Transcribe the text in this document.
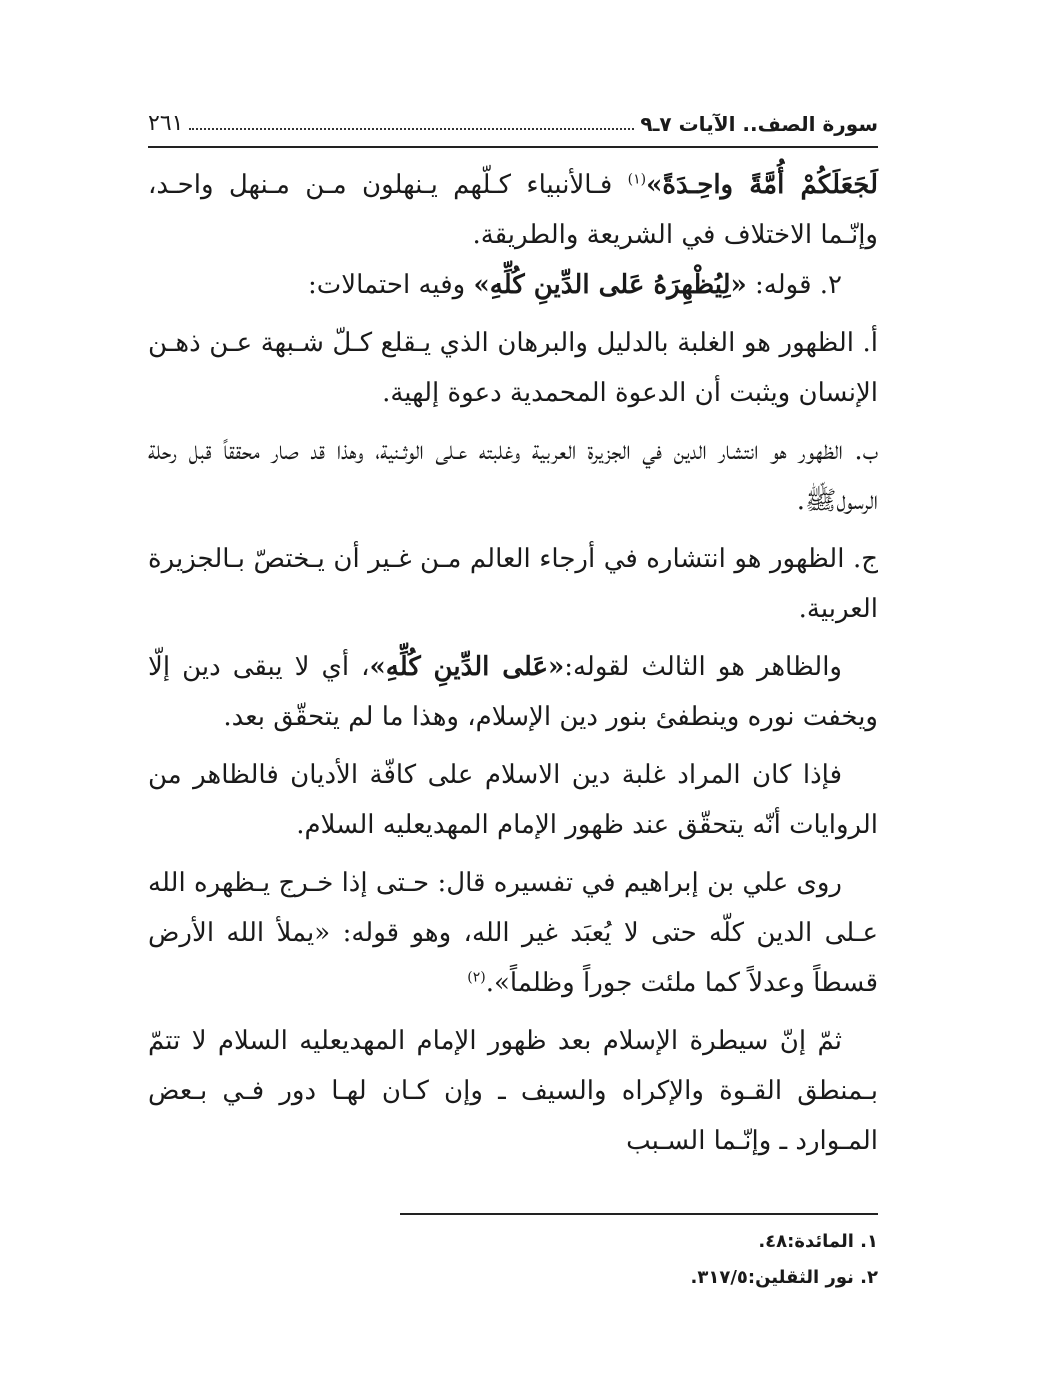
سورة الصف.. الآيات ٧ـ٩
٢٦١

لَجَعَلَكُمْ أُمَّةً واحِـدَةً»$^{(١)}$ فـالأنبياء كـلّهم يـنهلون مـن مـنهل واحـد، وإنّـما الاختلاف في الشريعة والطريقة.

٢. قوله: «لِيُظْهِرَهُ عَلى الدِّينِ كُلِّهِ» وفيه احتمالات:

أ. الظهور هو الغلبة بالدليل والبرهان الذي يـقلع كـلّ شـبهة عـن ذهـن الإنسان ويثبت أن الدعوة المحمدية دعوة إلهية.

ب. الظهور هو انتشار الدين في الجزيرة العربية وغلبته عـلى الوثـنية، وهذا قد صار محققاً قبل رحلة الرسول‏ﷺ.

ج. الظهور هو انتشاره في أرجاء العالم مـن غـير أن يـختصّ بـالجزيرة العربية.

والظاهر هو الثالث لقوله:«عَلى الدِّينِ كُلِّهِ»، أي لا يبقى دين إلّا ويخفت نوره وينطفئ بنور دين الإسلام، وهذا ما لم يتحقّق بعد.

فإذا كان المراد غلبة دين الاسلام على كافّة الأديان فالظاهر من الروايات أنّه يتحقّق عند ظهور الإمام المهدي‏عليه السلام.

روى علي بن إبراهيم في تفسيره قال: حـتى إذا خـرج يـظهره الله عـلى الدين كلّه حتى لا يُعبَد غير الله، وهو قوله: «يملأ الله الأرض قسطاً وعدلاً كما ملئت جوراً وظلماً».$^{(٢)}$

ثمّ إنّ سيطرة الإسلام بعد ظهور الإمام المهدي‏عليه السلام لا تتمّ بـمنطق القـوة والإكراه والسيف ـ وإن كـان لهـا دور فـي بـعض المـوارد ـ وإنّـما السـبب

١. المائدة:٤٨.

٢. نور الثقلين:٣١٧/٥.
